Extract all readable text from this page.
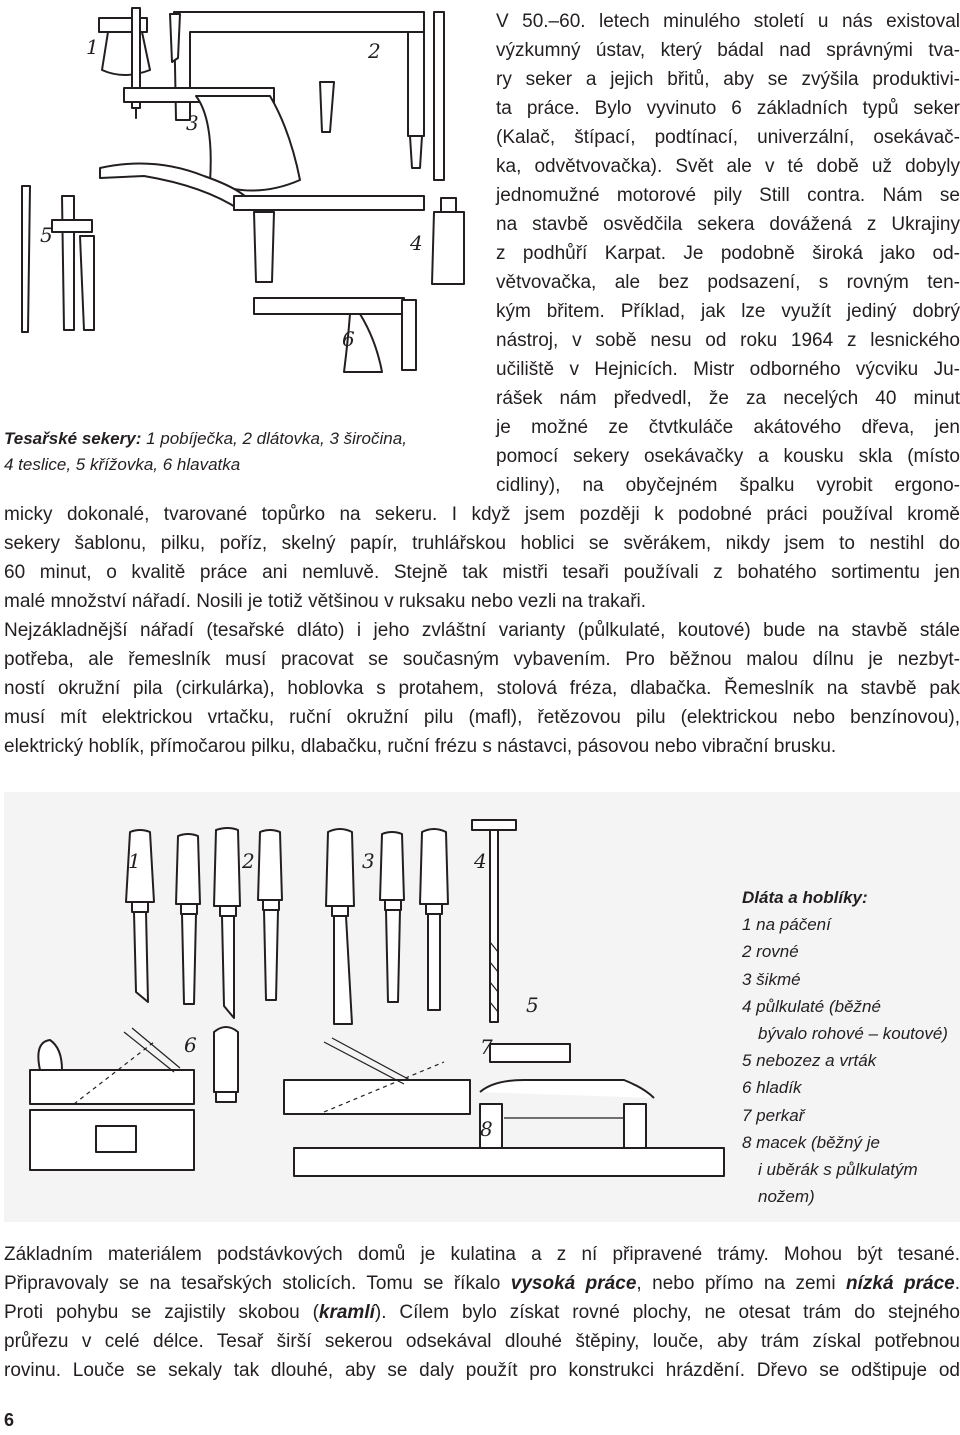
1	2
3
4
5
6
Tesařské sekery: 1 pobíječka, 2 dlátovka, 3 širočina,
4 teslice, 5 křížovka, 6 hlavatka
V 50.–60. letech minulého století u nás existoval
výzkumný ústav, který bádal nad správnými tva-
ry seker a jejich břitů, aby se zvýšila produktivi-
ta práce. Bylo vyvinuto 6 základních typů seker
(Kalač, štípací, podtínací, univerzální, osekávač-
ka, odvětvovačka). Svět ale v té době už dobyly
jednomužné motorové pily Still contra. Nám se
na stavbě osvědčila sekera dovážená z Ukrajiny
z podhůří Karpat. Je podobně široká jako od-
větvovačka, ale bez podsazení, s rovným ten-
kým břitem. Příklad, jak lze využít jediný dobrý
nástroj, v sobě nesu od roku 1964 z lesnického
učiliště v Hejnicích. Mistr odborného výcviku Ju-
rášek nám předvedl, že za necelých 40 minut
je možné ze čtvtkuláče akátového dřeva, jen
pomocí sekery osekávačky a kousku skla (místo
cidliny), na obyčejném špalku vyrobit ergono-
micky dokonalé, tvarované topůrko na sekeru. I když jsem později k podobné práci používal kromě
sekery šablonu, pilku, poříz, skelný papír, truhlářskou hoblici se svěrákem, nikdy jsem to nestihl do
60 minut, o kvalitě práce ani nemluvě. Stejně tak mistři tesaři používali z bohatého sortimentu jen
malé množství nářadí. Nosili je totiž většinou v ruksaku nebo vezli na trakaři.
Nejzákladnější nářadí (tesařské dláto) i jeho zvláštní varianty (půlkulaté, koutové) bude na stavbě stále
potřeba, ale řemeslník musí pracovat se současným vybavením. Pro běžnou malou dílnu je nezbyt-
ností okružní pila (cirkulárka), hoblovka s protahem, stolová fréza, dlabačka. Řemeslník na stavbě pak
musí mít elektrickou vrtačku, ruční okružní pilu (mafl), řetězovou pilu (elektrickou nebo benzínovou),
elektrický hoblík, přímočarou pilku, dlabačku, ruční frézu s nástavci, pásovou nebo vibrační brusku.
1	2	3	4
5
6	7
8
Dláta a hoblíky:
1 na páčení
2 rovné
3 šikmé
4 půlkulaté (běžné
bývalo rohové – koutové)
5 nebozez a vrták
6 hladík
7 perkař
8 macek (běžný je
i uběrák s půlkulatým
nožem)
Základním materiálem podstávkových domů je kulatina a z ní připravené trámy. Mohou být tesané.
Připravovaly se na tesařských stolicích. Tomu se říkalo vysoká práce, nebo přímo na zemi nízká práce.
Proti pohybu se zajistily skobou (kramlí). Cílem bylo získat rovné plochy, ne otesat trám do stejného
průřezu v celé délce. Tesař širší sekerou odsekával dlouhé štěpiny, louče, aby trám získal potřebnou
rovinu. Louče se sekaly tak dlouhé, aby se daly použít pro konstrukci hrázdění. Dřevo se odštipuje od
6
